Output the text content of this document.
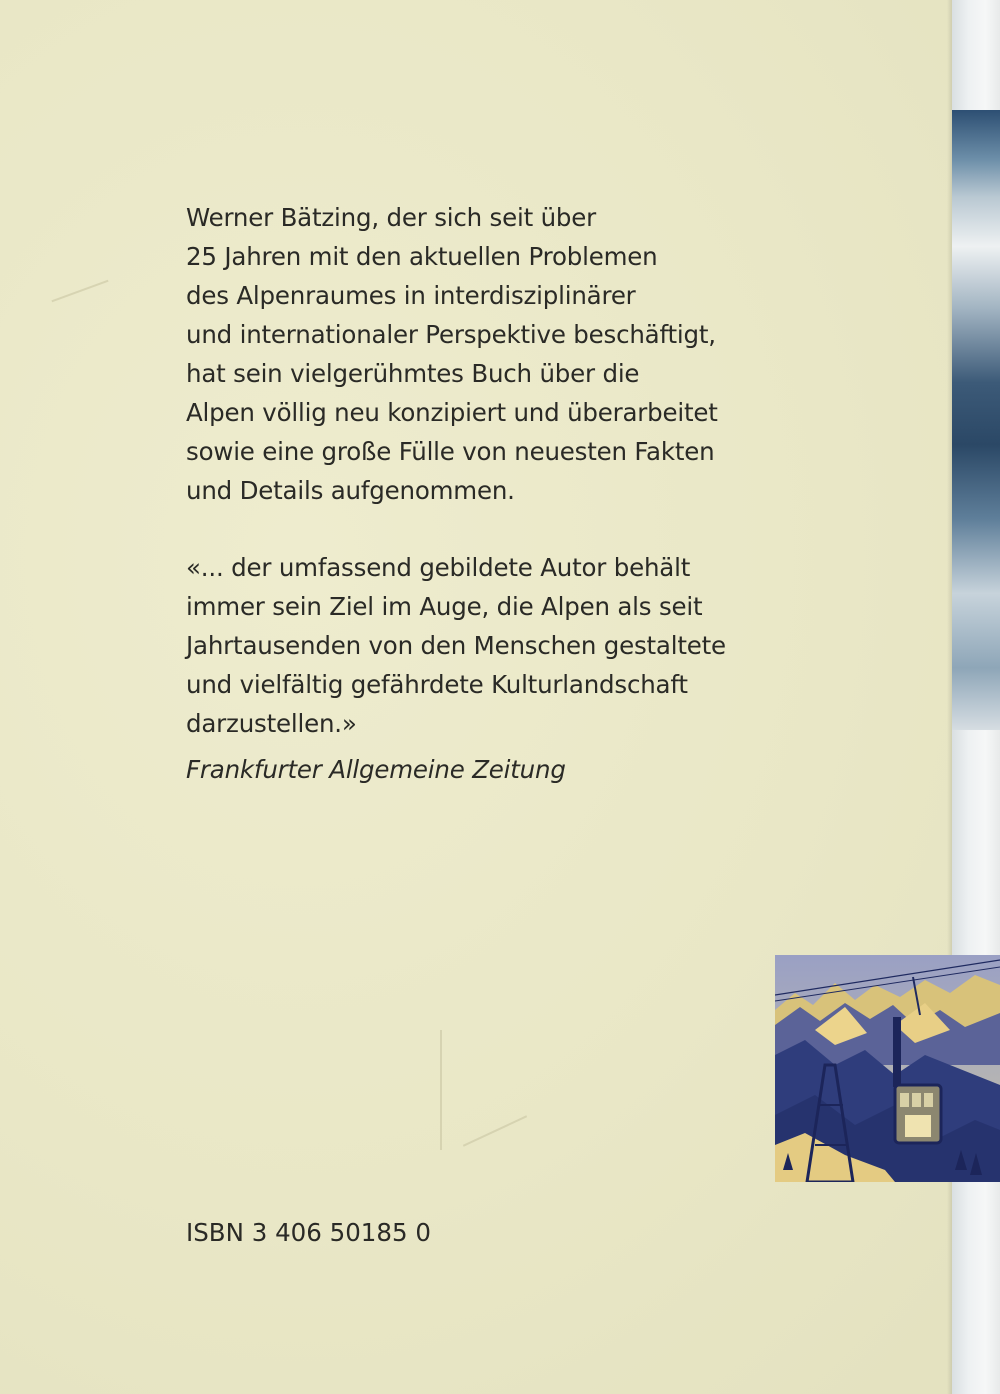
Werner Bätzing, der sich seit über
25 Jahren mit den aktuellen Problemen
des Alpenraumes in interdisziplinärer
und internationaler Perspektive beschäftigt,
hat sein vielgerühmtes Buch über die
Alpen völlig neu konzipiert und überarbeitet
sowie eine große Fülle von neuesten Fakten
und Details aufgenommen.
«... der umfassend gebildete Autor behält
immer sein Ziel im Auge, die Alpen als seit
Jahrtausenden von den Menschen gestaltete
und vielfältig gefährdete Kulturlandschaft
darzustellen.»
Frankfurter Allgemeine Zeitung
ISBN 3 406 50185 0
